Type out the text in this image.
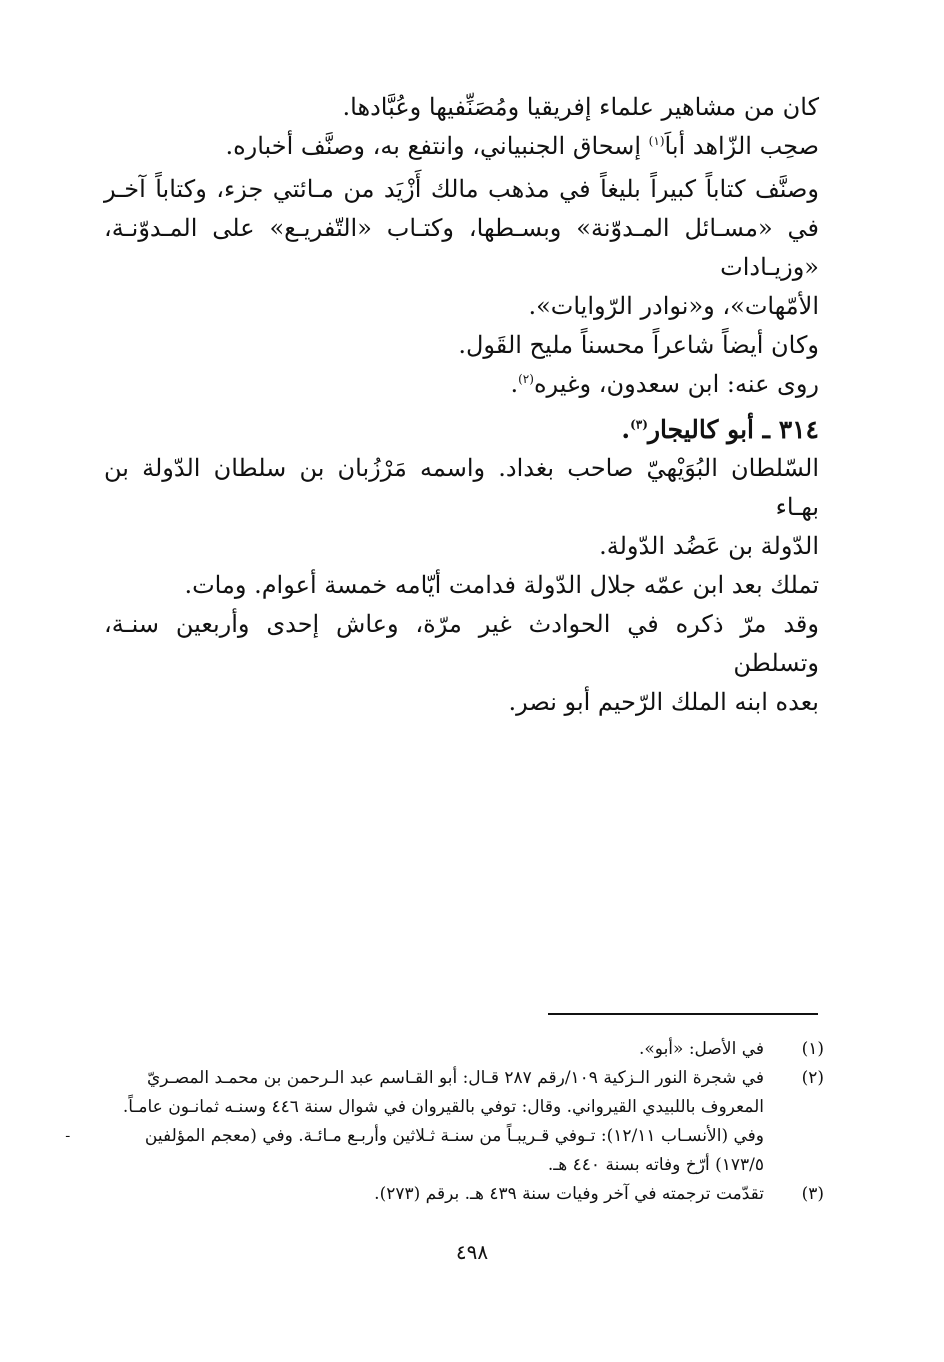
كان من مشاهير علماء إفريقيا ومُصَنِّفيها وعُبَّادها.

صحِب الزّاهد أباَ$^{(١)}$ إسحاق الجنبياني، وانتفع به، وصنَّف أخباره.

وصنَّف كتاباً كبيراً بليغاً في مذهب مالك أَزْيَد من مـائتي جزء، وكتاباً آخـر
في «مسـائل المـدوّنة» وبسـطها، وكتـاب «التّفريـع» على المـدوّنـة، «وزيـادات
الأمّهات»، و«نوادر الرّوايات».

وكان أيضاً شاعراً محسناً مليح القَول.

روى عنه: ابن سعدون، وغيره$^{(٢)}$.

٣١٤ ـ أبو كاليجار$^{(٣)}$.

السّلطان البُوَيْهيّ صاحب بغداد. واسمه مَرْزُبان بن سلطان الدّولة بن بهـاء
الدّولة بن عَضُد الدّولة.

تملك بعد ابن عمّه جلال الدّولة فدامت أيّامه خمسة أعوام. ومات.

وقد مرّ ذكره في الحوادث غير مرّة، وعاش إحدى وأربعين سنـة، وتسلطن
بعده ابنه الملك الرّحيم أبو نصر.

(١)
في الأصل: «أبو».
(٢)
في شجرة النور الـزكية ١٠٩/رقم ٢٨٧ قـال: أبو القـاسم عبد الـرحمن بن محمـد المصـريّ
المعروف باللبيدي القيرواني. وقال: توفي بالقيروان في شوال سنة ٤٤٦ وسنـه ثمانـون عامـاً.
وفي (الأنسـاب ١٢/١١): تـوفي قـريبـاً من سنـة ثـلاثين وأربـع مـائـة. وفي (معجم المؤلفين
١٧٣/٥) أرّخ وفاته بسنة ٤٤٠ هـ.
(٣)
تقدّمت ترجمته في آخر وفيات سنة ٤٣٩ هـ. برقم (٢٧٣).
ـ
٤٩٨
